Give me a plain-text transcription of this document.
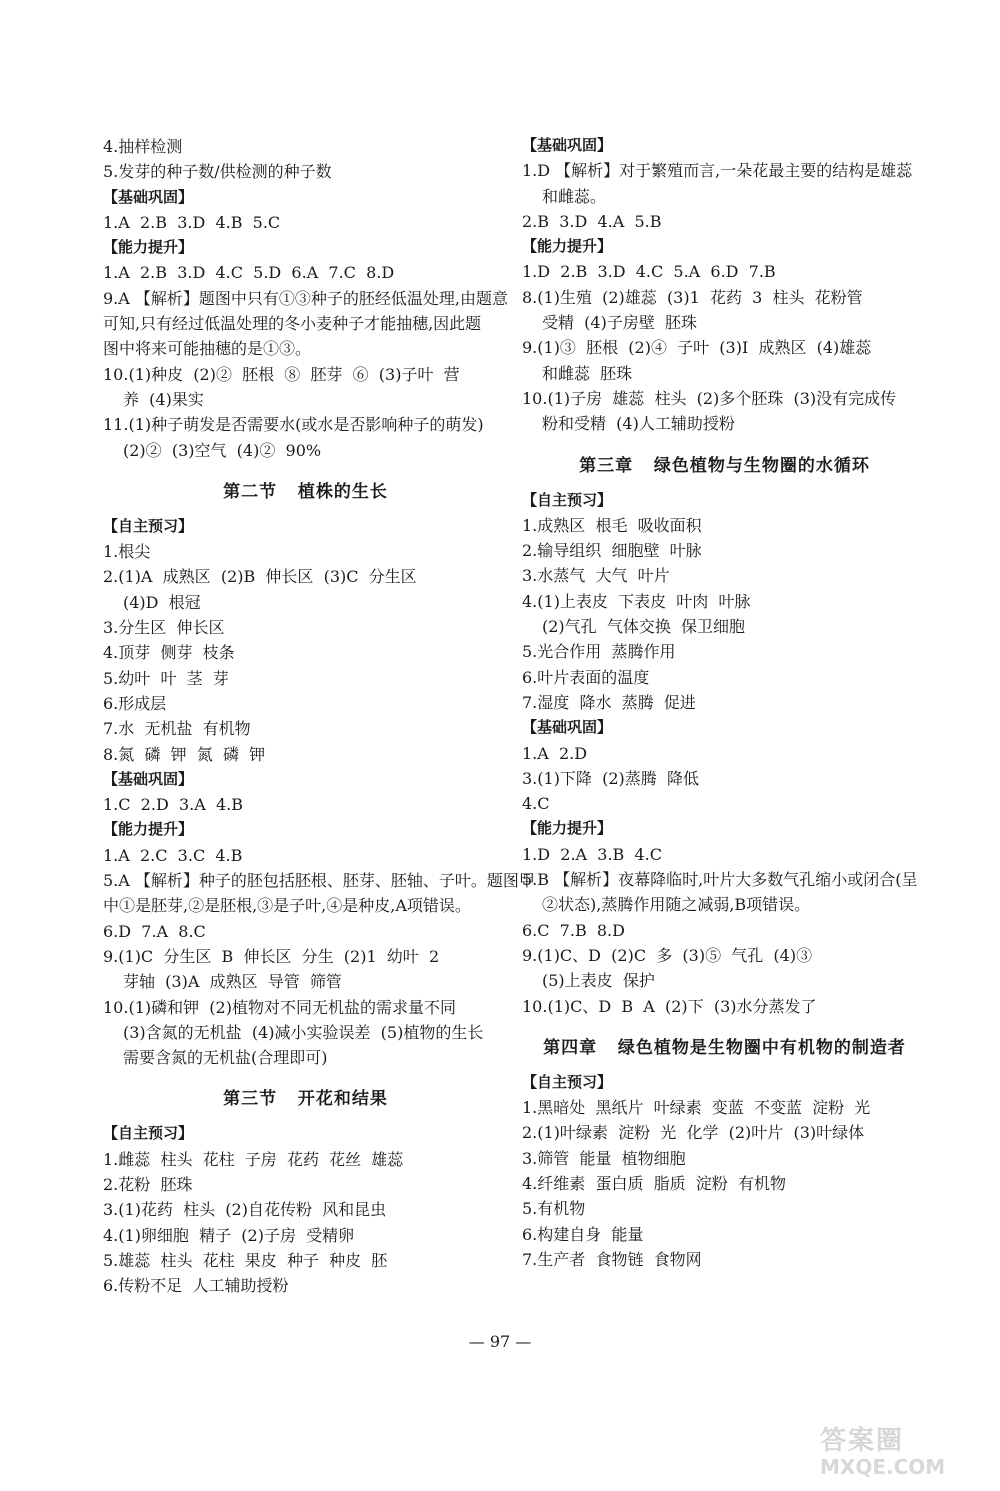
4.抽样检测
5.发芽的种子数/供检测的种子数
【基础巩固】
1.A  2.B  3.D  4.B  5.C
【能力提升】
1.A  2.B  3.D  4.C  5.D  6.A  7.C  8.D
9.A 【解析】题图中只有①③种子的胚经低温处理,由题意
可知,只有经过低温处理的冬小麦种子才能抽穗,因此题
图中将来可能抽穗的是①③。
10.(1)种皮  (2)②  胚根  ⑧  胚芽  ⑥  (3)子叶  营
养  (4)果实
11.(1)种子萌发是否需要水(或水是否影响种子的萌发)
(2)②  (3)空气  (4)②  90%
第二节   植株的生长
【自主预习】
1.根尖
2.(1)A  成熟区  (2)B  伸长区  (3)C  分生区
(4)D  根冠
3.分生区  伸长区
4.顶芽  侧芽  枝条
5.幼叶  叶  茎  芽
6.形成层
7.水  无机盐  有机物
8.氮  磷  钾  氮  磷  钾
【基础巩固】
1.C  2.D  3.A  4.B
【能力提升】
1.A  2.C  3.C  4.B
5.A 【解析】种子的胚包括胚根、胚芽、胚轴、子叶。题图甲
中①是胚芽,②是胚根,③是子叶,④是种皮,A项错误。
6.D  7.A  8.C
9.(1)C  分生区  B  伸长区  分生  (2)1  幼叶  2
芽轴  (3)A  成熟区  导管  筛管
10.(1)磷和钾  (2)植物对不同无机盐的需求量不同
(3)含氮的无机盐  (4)减小实验误差  (5)植物的生长
需要含氮的无机盐(合理即可)
第三节   开花和结果
【自主预习】
1.雌蕊  柱头  花柱  子房  花药  花丝  雄蕊
2.花粉  胚珠
3.(1)花药  柱头  (2)自花传粉  风和昆虫
4.(1)卵细胞  精子  (2)子房  受精卵
5.雄蕊  柱头  花柱  果皮  种子  种皮  胚
6.传粉不足  人工辅助授粉
【基础巩固】
1.D 【解析】对于繁殖而言,一朵花最主要的结构是雄蕊
和雌蕊。
2.B  3.D  4.A  5.B
【能力提升】
1.D  2.B  3.D  4.C  5.A  6.D  7.B
8.(1)生殖  (2)雄蕊  (3)1  花药  3  柱头  花粉管
受精  (4)子房壁  胚珠
9.(1)③  胚根  (2)④  子叶  (3)Ⅰ  成熟区  (4)雄蕊
和雌蕊  胚珠
10.(1)子房  雄蕊  柱头  (2)多个胚珠  (3)没有完成传
粉和受精  (4)人工辅助授粉
第三章   绿色植物与生物圈的水循环
【自主预习】
1.成熟区  根毛  吸收面积
2.输导组织  细胞壁  叶脉
3.水蒸气  大气  叶片
4.(1)上表皮  下表皮  叶肉  叶脉
(2)气孔  气体交换  保卫细胞
5.光合作用  蒸腾作用
6.叶片表面的温度
7.湿度  降水  蒸腾  促进
【基础巩固】
1.A  2.D
3.(1)下降  (2)蒸腾  降低
4.C
【能力提升】
1.D  2.A  3.B  4.C
5.B 【解析】夜幕降临时,叶片大多数气孔缩小或闭合(呈
②状态),蒸腾作用随之减弱,B项错误。
6.C  7.B  8.D
9.(1)C、D  (2)C  多  (3)⑤  气孔  (4)③
(5)上表皮  保护
10.(1)C、D  B  A  (2)下  (3)水分蒸发了
第四章   绿色植物是生物圈中有机物的制造者
【自主预习】
1.黑暗处  黑纸片  叶绿素  变蓝  不变蓝  淀粉  光
2.(1)叶绿素  淀粉  光  化学  (2)叶片  (3)叶绿体
3.筛管  能量  植物细胞
4.纤维素  蛋白质  脂质  淀粉  有机物
5.有机物
6.构建自身  能量
7.生产者  食物链  食物网
— 97 —
答案圈
MXQE.COM
